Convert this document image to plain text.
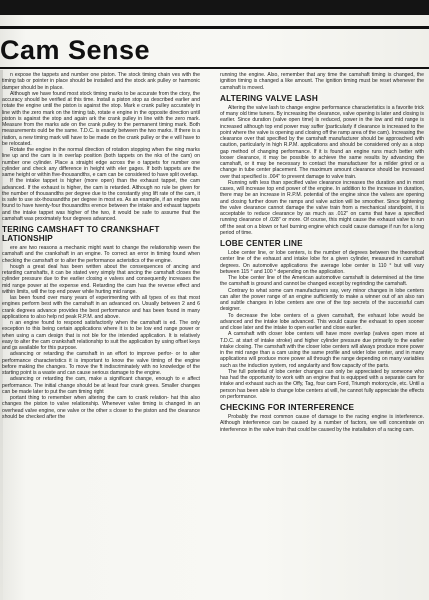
Cam Sense

n expose the tappets and number one piston. The stock timing chain ves with the timing tab or pointer in place should be installed and the stock ank pulley or harmonic damper should be in place.

Although we have found most stock timing marks to be accurate from the ctory, the accuracy should be verified at this time. Install a piston stop as described earlier and rotate the engine until the piston is against the stop. Mark e crank pulley accurately in line with the zero mark on the timing tab, rotate e engine in the opposite direction until piston is against the stop and again ark the crank pulley in line with the zero mark. Measure from the marks ade on the crank pulley to the permanent timing mark. Both measurements ould be the same. T.D.C. is exactly between the two marks. If there is a riation, a new timing mark will have to be made on the crank pulley or the e will have to be relocated.

Rotate the engine in the normal direction of rotation stopping when the ning marks line up and the cam is in overlap position (both tappets on the nks of the cam) on number one cylinder. Place a straight edge across the o tappets for number one cylinder and check any difference in height with eler gages. If both tappets are the same height or within five-thousandths, e cam can be considered to have split overlap.

If the intake tappet is higher (more open) than the exhaust tappet, the cam advanced. If the exhaust is higher, the cam is retarded. Although no rule be given for the number of thousandths per degree due to the constantly ying lift rate of the cam, it is safe to use six-thousandths per degree in most es. As an example, if an engine was found to have twenty-four thousandths erence between the intake and exhaust tappets and the intake tappet was higher of the two, it would be safe to assume that the camshaft was proximately four degrees advanced.

TERING CAMSHAFT TO CRANKSHAFT LATIONSHIP

ere are two reasons a mechanic might want to change the relationship ween the camshaft and the crankshaft in an engine. To correct an error in timing found when checking the camshaft or to alter the performance acteristics of the engine.

hough a great deal has been written about the consequences of ancing and retarding camshafts, it can be stated very simply that ancing the camshaft closes the cylinder pressure due to the earlier closing e valves and consequently increases the mid range power at the expense end. Retarding the cam has the reverse effect and within limits, will the top end power while hurting mid range.

las been found over many years of experimenting with all types of es that most engines perform best with the camshaft in an advanced on. Usually between 2 and 6 crank degrees advance provides the best performance and has been found in many applications to also help nd peak R.P.M. and above.

n an engine found to respond satisfactorily when the camshaft is ed. The only exception to this being certain applications where it is to be low end range power or when using a cam design that is not ble for the intended application. It is relatively easy to alter the cam crankshaft relationship to suit the application by using offset keys and gs available for this purpose.

advancing or retarding the camshaft in an effort to improve perfor- or to alter performance characteristics it is important to know the valve timing of the engine before making the changes. To move the ft indiscriminately with no knowledge of the starting point is a waste and can cause serious damage to the engine.

advancing or retarding the cam, make a significant change, enough to e affect performance. The initial change should be at least four crank grees. Smaller changes can be made later to put the cam timing right

portant thing to remember when altering the cam to crank relation- hat this also changes the piston to valve relationship. Whenever valve timing is changed in an overhead valve engine, one valve or the other s closer to the piston and the clearance should be checked after the

running the engine. Also, remember that any time the camshaft timing is changed, the ignition timing is changed a like amount. The ignition timing must be reset whenever the camshaft is moved.

ALTERING VALVE LASH

Altering the valve lash to change engine performance characteristics is a favorite trick of many old time tuners. By increasing the clearance, valve opening is later and closing is earlier. Since duration (valve open time) is reduced, power in the low and mid range is increased although top end power may suffer (particularly if clearance is increased to the point where the valve is opening and closing off the ramp area of the cam). Increasing the clearance over that specified by the camshaft manufacturer should be approached with caution, particularly in high R.P.M. applications and should be considered only as a stop gap method of changing performance. If it is found an engine runs much better with looser clearance, it may be possible to achieve the same results by advancing the camshaft, or it may be necessary to contact the manufacturer for a milder grind or a change in tube center placement. The maximum amount clearance should be increased over that specified is .004" to prevent damage to valve train.

Running with less than specified valve clearance increases the duration and in most cases, will increase top end power of the engine. In addition to the increase in duration, there may be an increase in R.P.M. potential of the engine since the valves are opening and closing further down the ramps and valve action will be smoother. Since tightening the valve clearance cannot damage the valve train from a mechanical standpoint, it is acceptable to reduce clearance by as much as .012" on cams that have a specified running clearance of .028" or more. Of course, this might cause the exhaust valve to run off the seat on a blown or fuel burning engine which could cause damage if run for a long period of time.

LOBE CENTER LINE

Lobe center line, or lobe centers, is the number of degrees between the theoretical center line of the exhaust and intake lobe for a given cylinder, measured in camshaft degrees. On automotive applications the average lobe center is 110 ° but will vary between 115 ° and 100 ° depending on the application.

The lobe center line of the American automotive camshaft is determined at the time the camshaft is ground and cannot be changed except by regrinding the camshaft.

Contrary to what some cam manufacturers say, very minor changes in lobe centers can alter the power range of an engine sufficiently to make a winner out of an also ran and subtle changes in lobe centers are one of the top secrets of the successful cam designer.

To decrease the lobe centers of a given camshaft, the exhaust lobe would be advanced and the intake lobe advanced. This would cause the exhaust to open sooner and close later and the intake to open earlier and close earlier.

A camshaft with closer lobe centers will have more overlap (valves open more at T.D.C. at start of intake stroke) and higher cylinder pressure due primarily to the earlier intake closing. The camshaft with the closer lobe centers will always produce more power in the mid range than a cam using the same profile and wider lobe center, and in many applications will produce more power all through the range depending on many variables such as the induction system, rod angularity and flow capacity of the parts.

The full potential of lobe center changes can only be appreciated by someone who has had the opportunity to work with an engine that is equipped with a separate cam for intake and exhaust such as the Offy, Tag, four cam Ford, Triumph motorcycle, etc. Until a person has been able to change lobe centers at will, he cannot fully appreciate the effects on performance.

CHECKING FOR INTERFERENCE

Probably the most common cause of damage to the racing engine is interference. Although interference can be caused by a number of factors, we will concentrate on interference in the valve train that could be caused by the installation of a racing cam.
